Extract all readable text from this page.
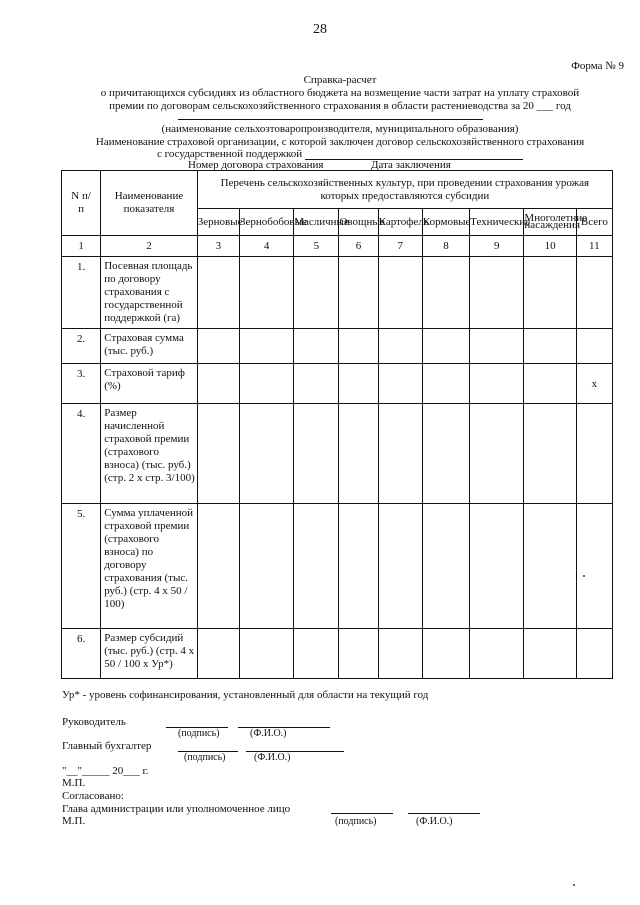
28
Форма № 9
Справка-расчет
о причитающихся субсидиях из областного бюджета на возмещение части затрат на уплату страховой
премии по договорам сельскохозяйственного страхования в области растениеводства за 20 ___ год
(наименование сельхозтоваропроизводителя, муниципального образования)
Наименование страховой организации, с которой заключен договор сельскохозяйственного страхования
с государственной поддержкой
Номер договора страхования	Дата заключения
N п/п	Наименование показателя	Перечень сельскохозяйственных культур, при проведении страхования урожая которых предоставляются субсидии								
		Зерновые	Зернобобовые	Масличные	Овощные	Картофель	Кормовые	Технические	Многолетние насаждения	Всего
1	2	3	4	5	6	7	8	9	10	11
1.	Посевная площадь по договору страхования с государственной поддержкой (га)									
2.	Страховая сумма (тыс. руб.)									
3.	Страховой тариф (%)									x
4.	Размер начисленной страховой премии (страхового взноса) (тыс. руб.) (стр. 2 x стр. 3/100)									
5.	Сумма уплаченной страховой премии (страхового взноса) по договору страхования (тыс. руб.) (стр. 4 x 50 / 100)									
6.	Размер субсидий (тыс. руб.) (стр. 4 x 50 / 100 x Ур*)									
Ур* - уровень софинансирования, установленный для области на текущий год
Руководитель
(подпись)	(Ф.И.О.)
Главный бухгалтер
(подпись)	(Ф.И.О.)
"__"_____ 20___ г.
М.П.
Согласовано:
Глава администрации или уполномоченное лицо
М.П.	(подпись)	(Ф.И.О.)
